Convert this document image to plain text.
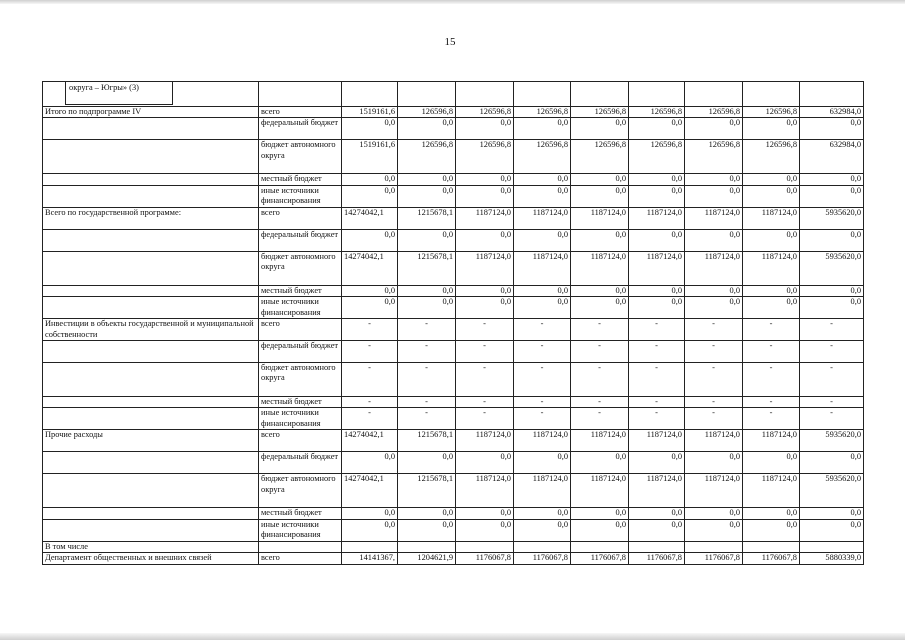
15
округа – Югры» (3)										

Итого по подпрограмме IV	всего	1519161,6	126596,8	126596,8	126596,8	126596,8	126596,8	126596,8	126596,8	632984,0
	федеральный бюджет	0,0	0,0	0,0	0,0	0,0	0,0	0,0	0,0	0,0
	бюджет автономного округа	1519161,6	126596,8	126596,8	126596,8	126596,8	126596,8	126596,8	126596,8	632984,0
	местный бюджет	0,0	0,0	0,0	0,0	0,0	0,0	0,0	0,0	0,0
	иные источники финансирования	0,0	0,0	0,0	0,0	0,0	0,0	0,0	0,0	0,0
Всего по государственной программе:	всего	14274042,1	1215678,1	1187124,0	1187124,0	1187124,0	1187124,0	1187124,0	1187124,0	5935620,0
	федеральный бюджет	0,0	0,0	0,0	0,0	0,0	0,0	0,0	0,0	0,0
	бюджет автономного округа	14274042,1	1215678,1	1187124,0	1187124,0	1187124,0	1187124,0	1187124,0	1187124,0	5935620,0
	местный бюджет	0,0	0,0	0,0	0,0	0,0	0,0	0,0	0,0	0,0
	иные источники финансирования	0,0	0,0	0,0	0,0	0,0	0,0	0,0	0,0	0,0
Инвестиции в объекты государственной и муниципальной собственности	всего	-	-	-	-	-	-	-	-	-
	федеральный бюджет	-	-	-	-	-	-	-	-	-
	бюджет автономного округа	-	-	-	-	-	-	-	-	-
	местный бюджет	-	-	-	-	-	-	-	-	-
	иные источники финансирования	-	-	-	-	-	-	-	-	-
Прочие расходы	всего	14274042,1	1215678,1	1187124,0	1187124,0	1187124,0	1187124,0	1187124,0	1187124,0	5935620,0
	федеральный бюджет	0,0	0,0	0,0	0,0	0,0	0,0	0,0	0,0	0,0
	бюджет автономного округа	14274042,1	1215678,1	1187124,0	1187124,0	1187124,0	1187124,0	1187124,0	1187124,0	5935620,0
	местный бюджет	0,0	0,0	0,0	0,0	0,0	0,0	0,0	0,0	0,0
	иные источники финансирования	0,0	0,0	0,0	0,0	0,0	0,0	0,0	0,0	0,0
В том числе										
Департамент общественных и внешних связей	всего	14141367,	1204621,9	1176067,8	1176067,8	1176067,8	1176067,8	1176067,8	1176067,8	5880339,0
